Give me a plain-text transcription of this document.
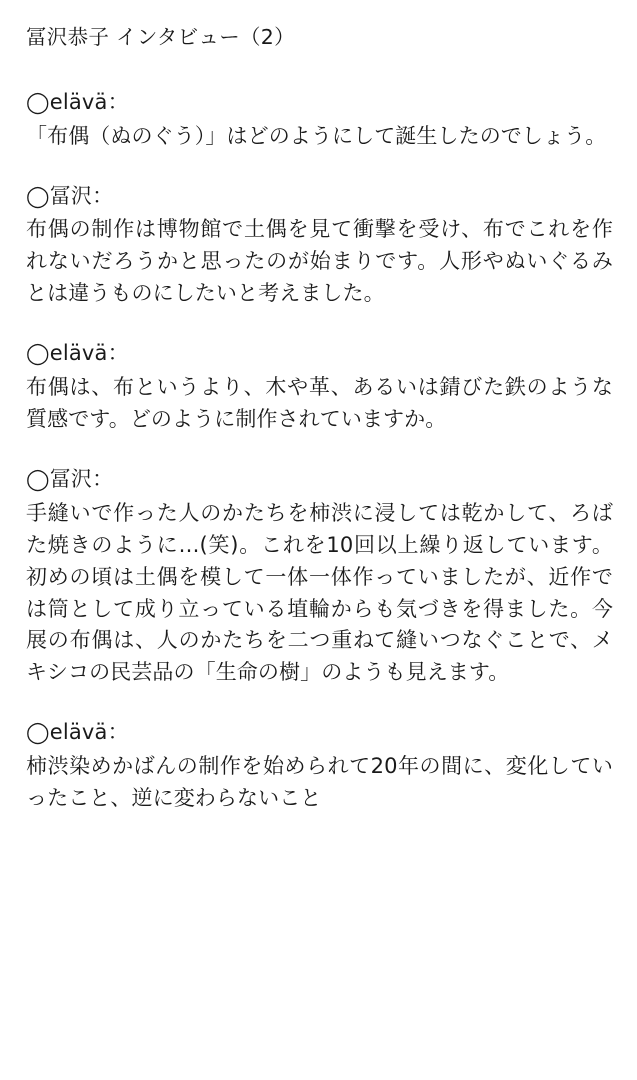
冨沢恭子 インタビュー（2）

◯elävä：

「布偶（ぬのぐう）」はどのようにして誕生したのでしょう。

◯冨沢：

布偶の制作は博物館で土偶を見て衝撃を受け、布でこれを作れないだろうかと思ったのが始まりです。人形やぬいぐるみとは違うものにしたいと考えました。

◯elävä：

布偶は、布というより、木や革、あるいは錆びた鉄のような質感です。どのように制作されていますか。

◯冨沢：

手縫いで作った人のかたちを柿渋に浸しては乾かして、ろばた焼きのように…(笑)。これを10回以上繰り返しています。初めの頃は土偶を模して一体一体作っていましたが、近作では筒として成り立っている埴輪からも気づきを得ました。今展の布偶は、人のかたちを二つ重ねて縫いつなぐことで、メキシコの民芸品の「生命の樹」のようも見えます。

◯elävä：

柿渋染めかばんの制作を始められて20年の間に、変化していったこと、逆に変わらないこと
